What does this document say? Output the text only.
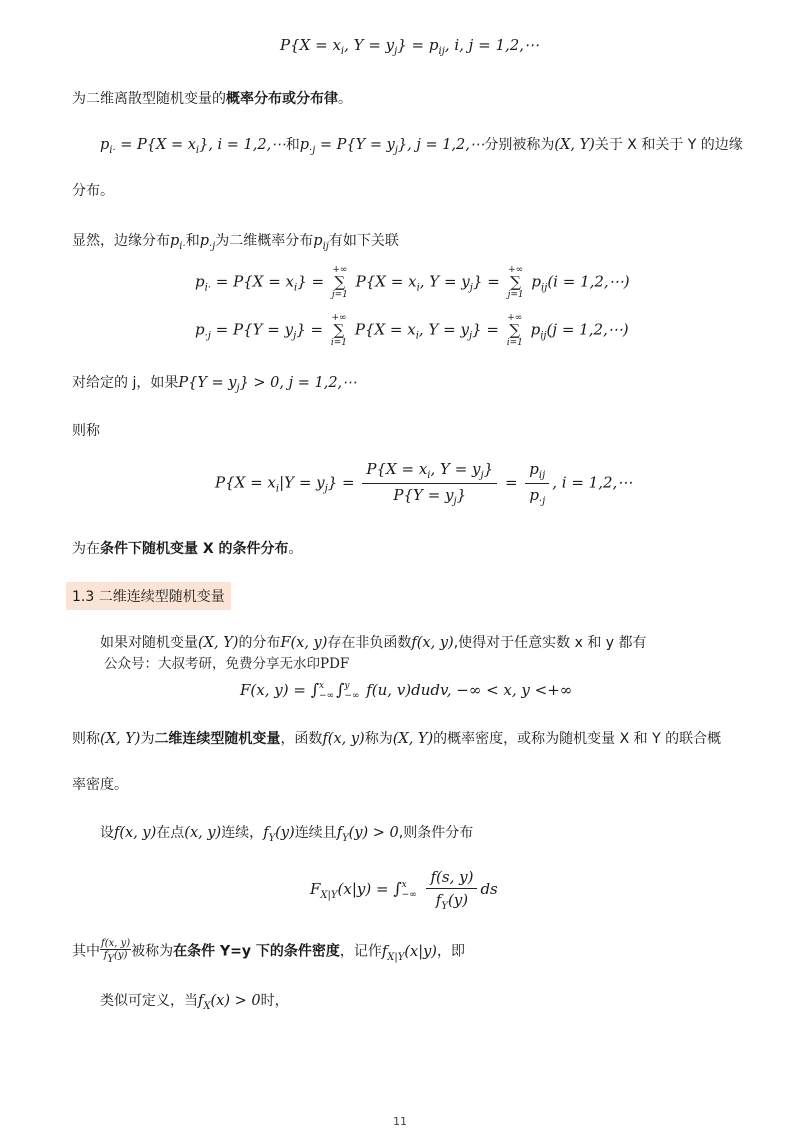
$P\{X = x_i$, $Y = y_j\} = p_{ij}$, i, j = 1,2,⋯
为二维离散型随机变量的概率分布或分布律。
$p_{i\cdot} = P\{X = x_i\}$, i = 1,2,⋯和$p_{\cdot j} = P\{Y = y_j\}$, j = 1,2,⋯分别被称为(X, Y)关于 X 和关于 Y 的边缘
分布。
显然，边缘分布$p_{i\cdot}$和$p_{\cdot j}$为二维概率分布$p_{ij}$有如下关联
$p_{i\cdot} = P\{X = x_i\}$ =
+∞
∑
j=1
$P\{X = x_i$, $Y = y_j$} =
+∞
∑
j=1
$p_{ij}(i$ = 1,2,⋯)
$p_{\cdot j} = P\{Y = y_j\}$ =
+∞
∑
i=1
$P\{X = x_i$, $Y = y_j$} =
+∞
∑
i=1
$p_{ij}(j$ = 1,2,⋯)
对给定的 j，如果$P\{Y = y_j\} > 0$, j = 1,2,⋯
则称
$P\{X = x_i|Y = y_j\} = \frac{P\{X = x_i, Y = y_j\}}{P\{Y = y_j\}} = \frac{p_{ij}}{p_{\cdot j}}$ , i = 1,2,⋯
为在条件下随机变量 X 的条件分布。
1.3 二维连续型随机变量
如果对随机变量(X, Y)的分布F(x, y)存在非负函数f(x, y),使得对于任意实数 x 和 y 都有
公众号：大叔考研，免费分享无水印PDF
F(x, y) = ∫x
−∞ ∫y
−∞ f(u, v)dudv, −∞ < x, y <+∞
则称(X, Y)为二维连续型随机变量，函数f(x, y)称为(X, Y)的概率密度，或称为随机变量 X 和 Y 的联合概
率密度。
设f(x, y)在点(x, y)连续，$f_Y(y)$连续且$f_Y(y) > 0$,则条件分布
$F_{X|Y}(x|y) = \int x$
−∞ $\frac{f(s, y)}{f_Y(y)}$ ds
其中 $\frac{f(x, y)}{f_Y(y)}$ 被称为在条件 Y=y 下的条件密度，记作$f_{X|Y}(x|y)$，即
类似可定义，当$f_X(x) > 0$时，
11
